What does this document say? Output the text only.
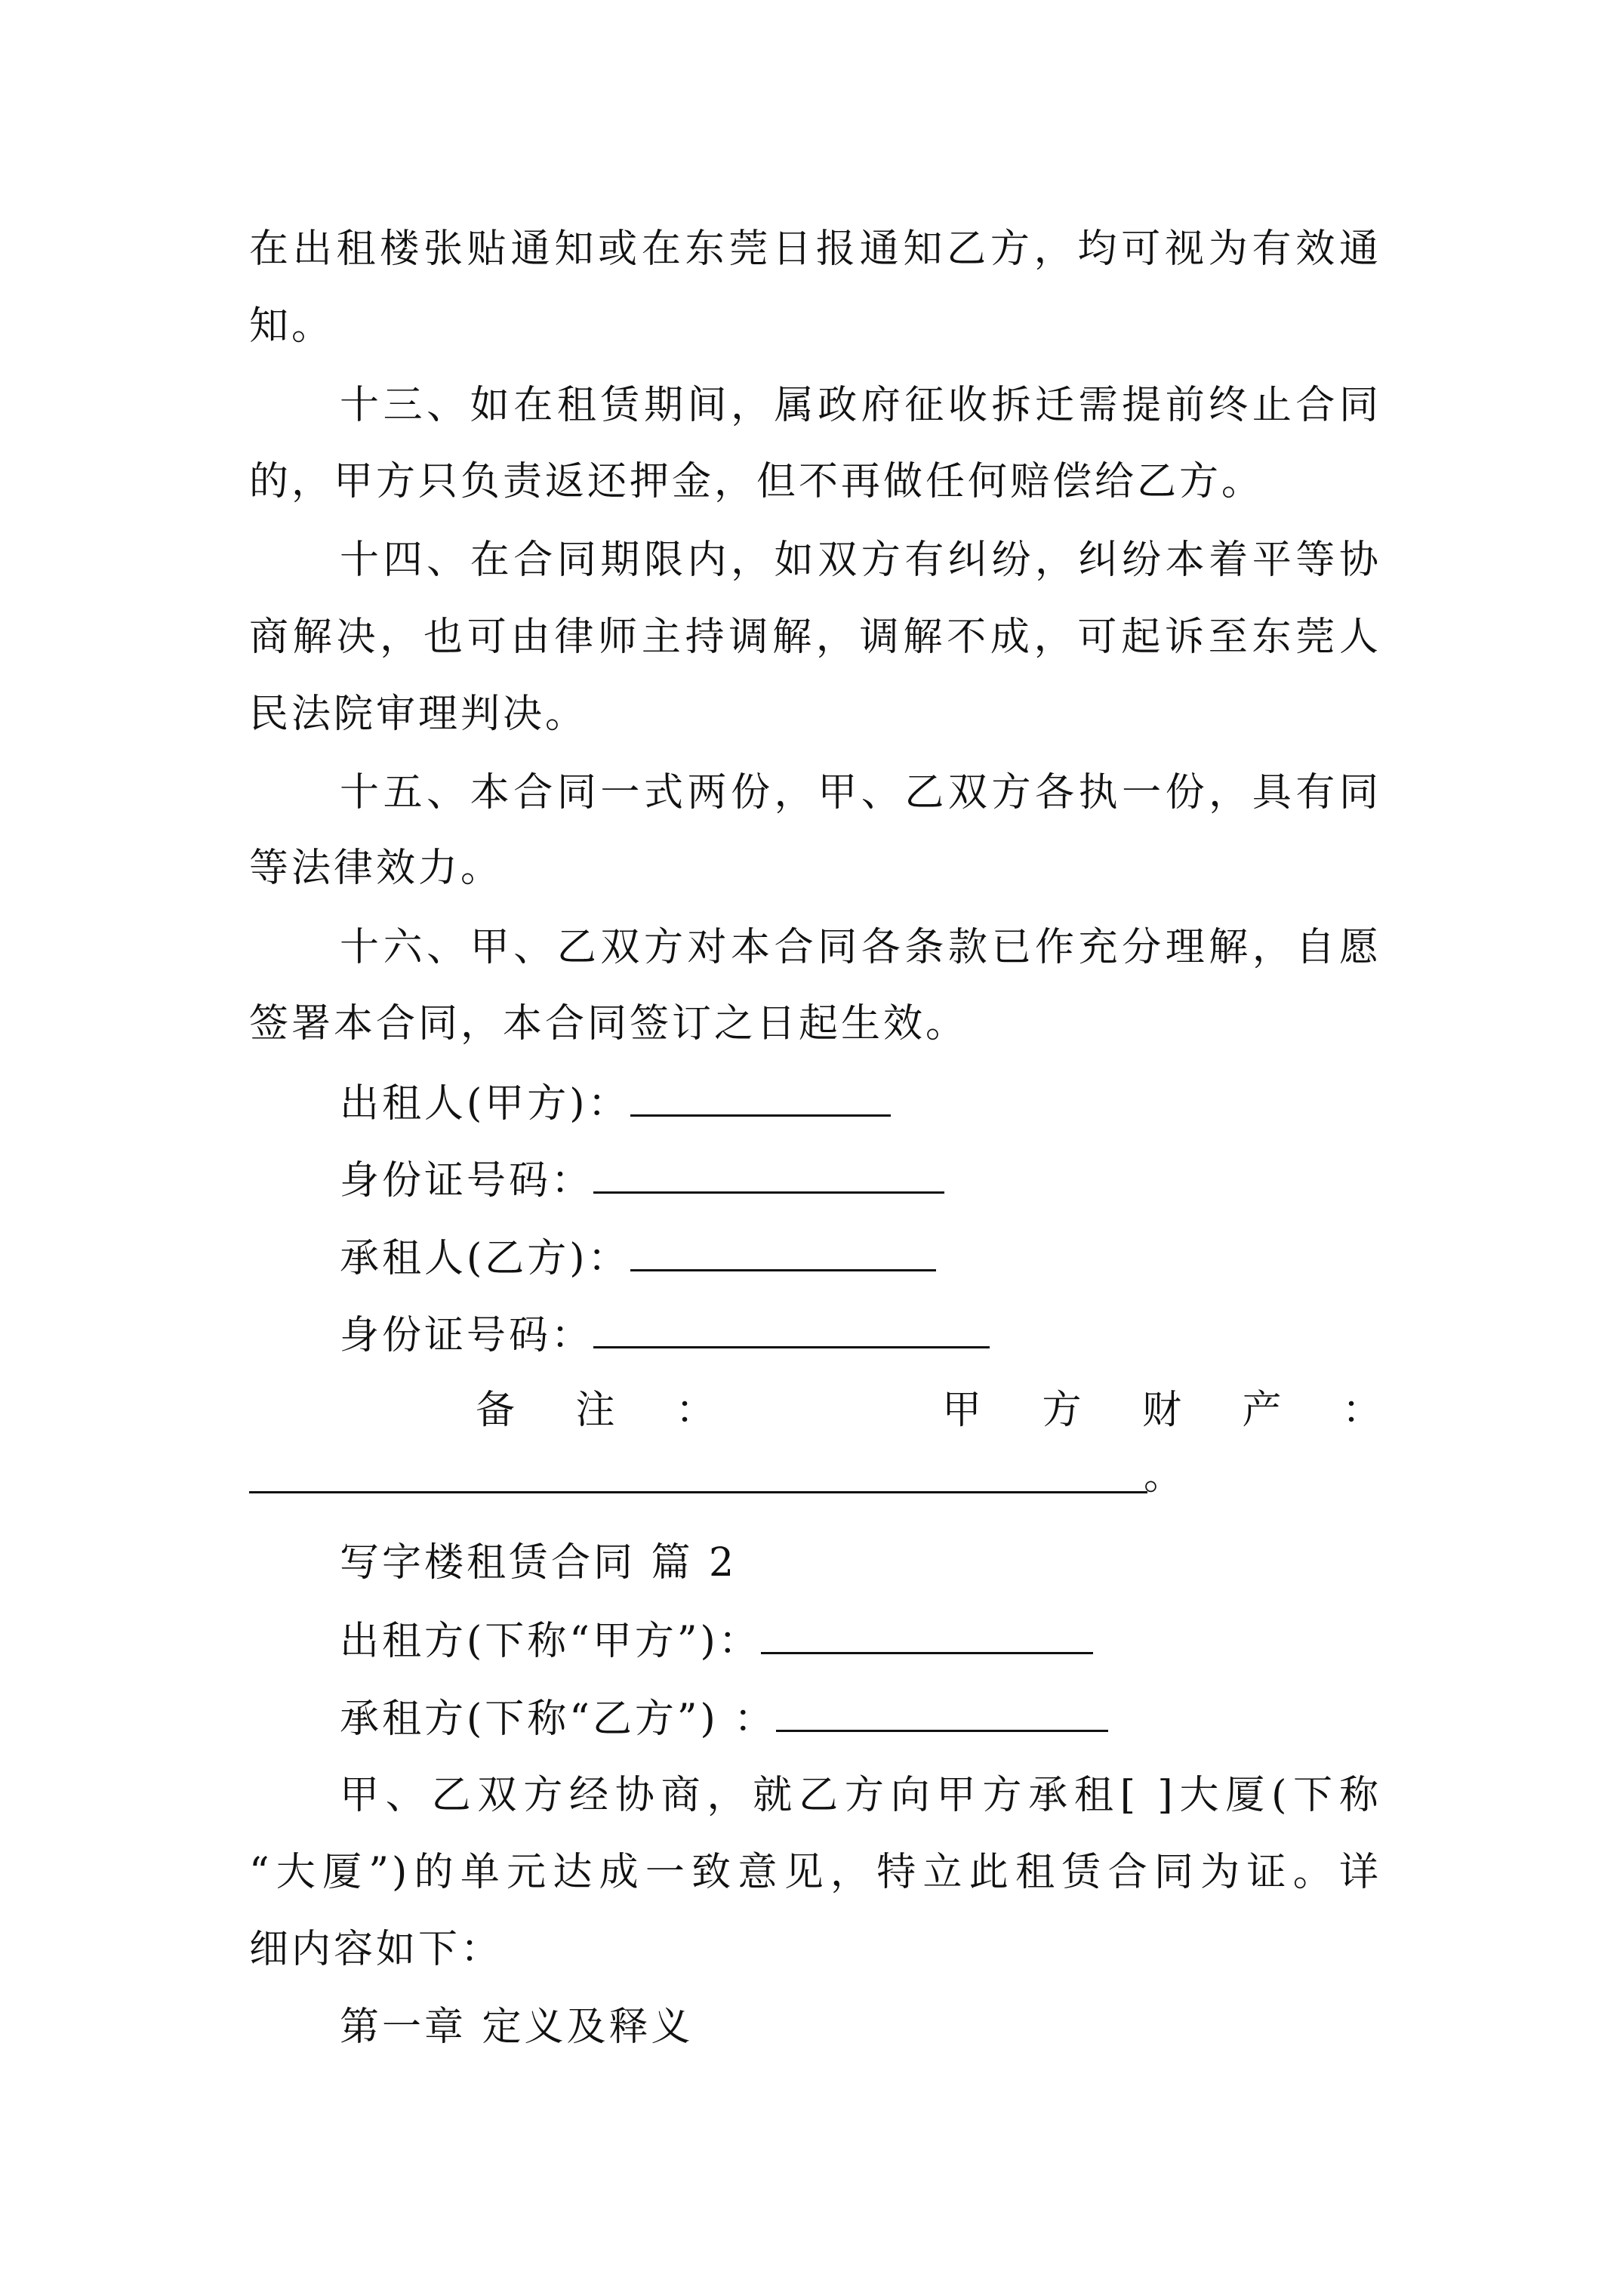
在出租楼张贴通知或在东莞日报通知乙方，均可视为有效通
知。
十三、如在租赁期间，属政府征收拆迁需提前终止合同
的，甲方只负责返还押金，但不再做任何赔偿给乙方。
十四、在合同期限内，如双方有纠纷，纠纷本着平等协
商解决，也可由律师主持调解，调解不成，可起诉至东莞人
民法院审理判决。
十五、本合同一式两份，甲、乙双方各执一份，具有同
等法律效力。
十六、甲、乙双方对本合同各条款已作充分理解，自愿
签署本合同，本合同签订之日起生效。
出租人(甲方)：
身份证号码：
承租人(乙方)：
身份证号码：
备 注 ：	甲 方 财 产 ：
。
写字楼租赁合同 篇 2
出租方(下称“甲方”)：
承租方(下称“乙方”) ：
甲、乙双方经协商，就乙方向甲方承租[ ]大厦(下称
“大厦”)的单元达成一致意见，特立此租赁合同为证。详
细内容如下：
第一章 定义及释义
